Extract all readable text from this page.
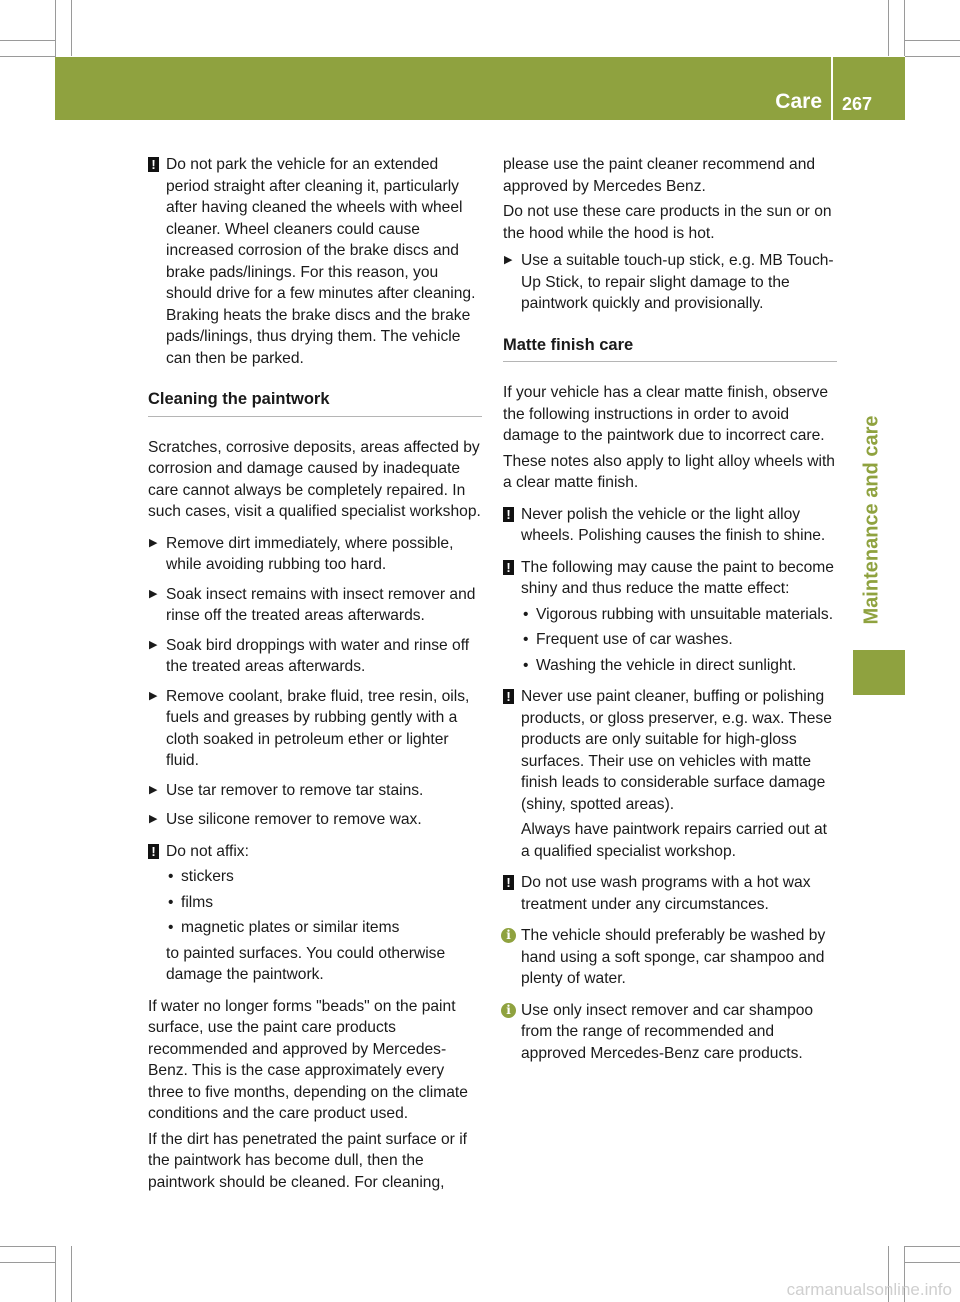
Care 267
Maintenance and care
! Do not park the vehicle for an extended period straight after cleaning it, particularly after having cleaned the wheels with wheel cleaner. Wheel cleaners could cause increased corrosion of the brake discs and brake pads/linings. For this reason, you should drive for a few minutes after cleaning. Braking heats the brake discs and the brake pads/linings, thus drying them. The vehicle can then be parked.
Cleaning the paintwork

Scratches, corrosive deposits, areas affected by corrosion and damage caused by inadequate care cannot always be completely repaired. In such cases, visit a qualified specialist workshop.

▶ Remove dirt immediately, where possible, while avoiding rubbing too hard.
▶ Soak insect remains with insect remover and rinse off the treated areas afterwards.
▶ Soak bird droppings with water and rinse off the treated areas afterwards.
▶ Remove coolant, brake fluid, tree resin, oils, fuels and greases by rubbing gently with a cloth soaked in petroleum ether or lighter fluid.
▶ Use tar remover to remove tar stains.
▶ Use silicone remover to remove wax.
! Do not affix:
• stickers
• films
• magnetic plates or similar items

to painted surfaces. You could otherwise damage the paintwork.

If water no longer forms "beads" on the paint surface, use the paint care products recommended and approved by Mercedes-Benz. This is the case approximately every three to five months, depending on the climate conditions and the care product used.

If the dirt has penetrated the paint surface or if the paintwork has become dull, then the paintwork should be cleaned. For cleaning,

please use the paint cleaner recommend and approved by Mercedes Benz.

Do not use these care products in the sun or on the hood while the hood is hot.

▶ Use a suitable touch-up stick, e.g. MB Touch-Up Stick, to repair slight damage to the paintwork quickly and provisionally.
Matte finish care

If your vehicle has a clear matte finish, observe the following instructions in order to avoid damage to the paintwork due to incorrect care.

These notes also apply to light alloy wheels with a clear matte finish.

! Never polish the vehicle or the light alloy wheels. Polishing causes the finish to shine.
! The following may cause the paint to become shiny and thus reduce the matte effect:
• Vigorous rubbing with unsuitable materials.
• Frequent use of car washes.
• Washing the vehicle in direct sunlight.
! Never use paint cleaner, buffing or polishing products, or gloss preserver, e.g. wax. These products are only suitable for high-gloss surfaces. Their use on vehicles with matte finish leads to considerable surface damage (shiny, spotted areas).

Always have paintwork repairs carried out at a qualified specialist workshop.

! Do not use wash programs with a hot wax treatment under any circumstances.
i The vehicle should preferably be washed by hand using a soft sponge, car shampoo and plenty of water.
i Use only insect remover and car shampoo from the range of recommended and approved Mercedes-Benz care products.
carmanualsonline.info
